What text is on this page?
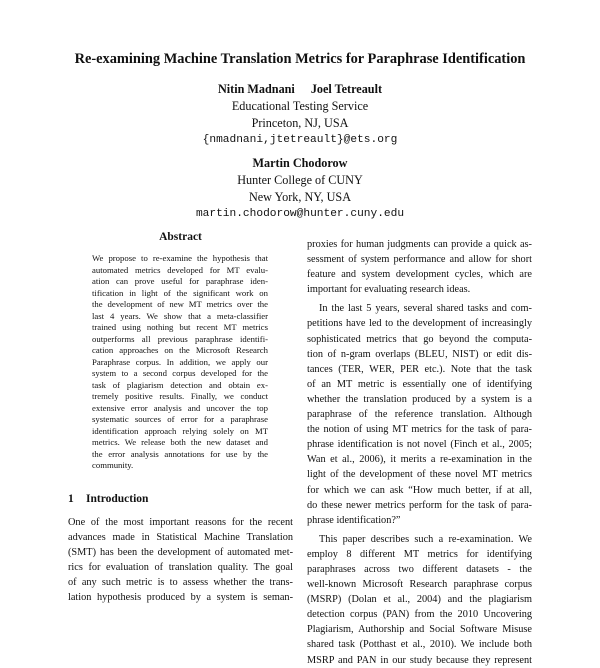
Re-examining Machine Translation Metrics for Paraphrase Identification
Nitin Madnani Joel Tetreault
Educational Testing Service
Princeton, NJ, USA
{nmadnani,jtetreault}@ets.org
Martin Chodorow
Hunter College of CUNY
New York, NY, USA
martin.chodorow@hunter.cuny.edu
Abstract
We propose to re-examine the hypothesis that
automated metrics developed for MT evalu-
ation can prove useful for paraphrase iden-
tification in light of the significant work on
the development of new MT metrics over the
last 4 years. We show that a meta-classifier
trained using nothing but recent MT metrics
outperforms all previous paraphrase identifi-
cation approaches on the Microsoft Research
Paraphrase corpus. In addition, we apply our
system to a second corpus developed for the
task of plagiarism detection and obtain ex-
tremely positive results. Finally, we conduct
extensive error analysis and uncover the top
systematic sources of error for a paraphrase
identification approach relying solely on MT
metrics. We release both the new dataset and
the error analysis annotations for use by the
community.
1 Introduction
One of the most important reasons for the recent
advances made in Statistical Machine Translation
(SMT) has been the development of automated met-
rics for evaluation of translation quality. The goal
of any such metric is to assess whether the trans-
lation hypothesis produced by a system is seman-
proxies for human judgments can provide a quick as-
sessment of system performance and allow for short
feature and system development cycles, which are
important for evaluating research ideas.
In the last 5 years, several shared tasks and com-
petitions have led to the development of increasingly
sophisticated metrics that go beyond the computa-
tion of n-gram overlaps (BLEU, NIST) or edit dis-
tances (TER, WER, PER etc.). Note that the task
of an MT metric is essentially one of identifying
whether the translation produced by a system is a
paraphrase of the reference translation. Although
the notion of using MT metrics for the task of para-
phrase identification is not novel (Finch et al., 2005;
Wan et al., 2006), it merits a re-examination in the
light of the development of these novel MT metrics
for which we can ask “How much better, if at all,
do these newer metrics perform for the task of para-
phrase identification?”
This paper describes such a re-examination. We
employ 8 different MT metrics for identifying
paraphrases across two different datasets - the
well-known Microsoft Research paraphrase corpus
(MSRP) (Dolan et al., 2004) and the plagiarism
detection corpus (PAN) from the 2010 Uncovering
Plagiarism, Authorship and Social Software Misuse
shared task (Potthast et al., 2010). We include both
MSRP and PAN in our study because they represent
